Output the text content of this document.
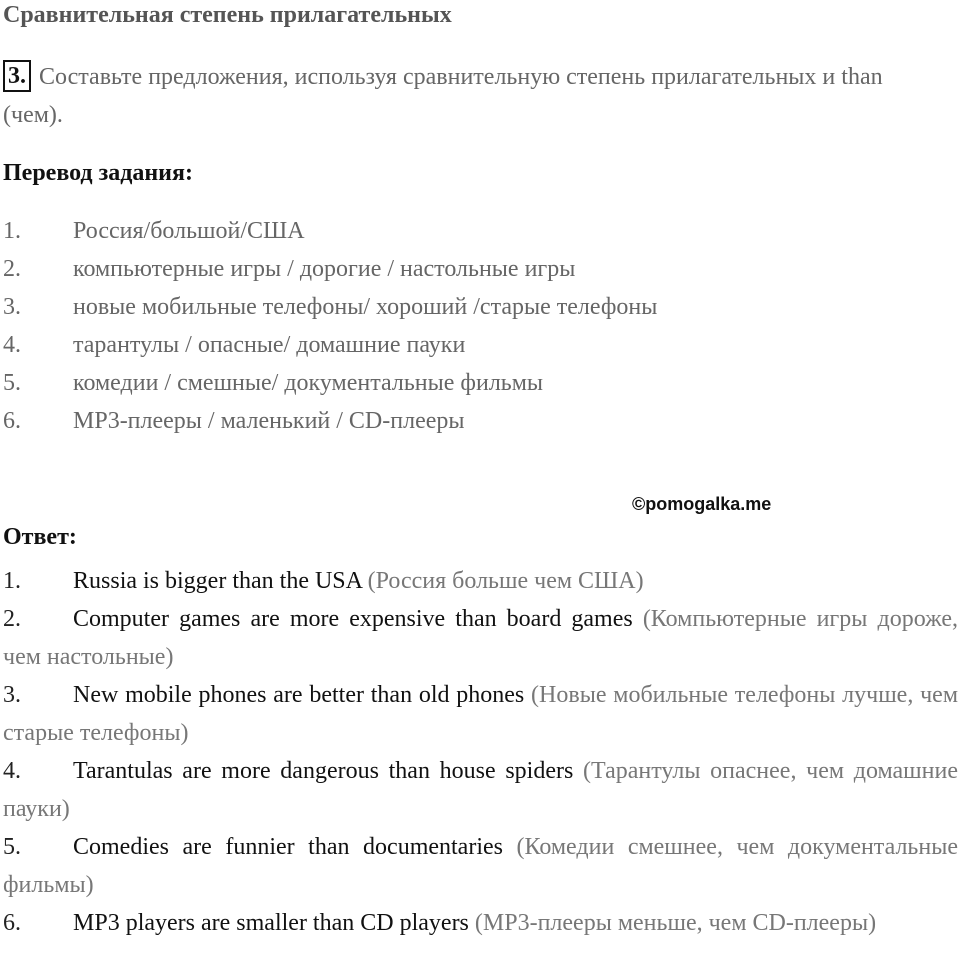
Сравнительная степень прилагательных
3. Составьте предложения, используя сравнительную степень прилагательных и than (чем).
Перевод задания:
1. Россия/большой/США
2. компьютерные игры / дорогие / настольные игры
3. новые мобильные телефоны/ хороший /старые телефоны
4. тарантулы / опасные/ домашние пауки
5. комедии / смешные/ документальные фильмы
6. MP3-плееры / маленький / CD-плееры
©pomogalka.me
Ответ:
1. Russia is bigger than the USA (Россия больше чем США)
2. Computer games are more expensive than board games (Компьютерные игры дороже, чем настольные)
3. New mobile phones are better than old phones (Новые мобильные телефоны лучше, чем старые телефоны)
4. Tarantulas are more dangerous than house spiders (Тарантулы опаснее, чем домашние пауки)
5. Comedies are funnier than documentaries (Комедии смешнее, чем документальные фильмы)
6. MP3 players are smaller than CD players (MP3-плееры меньше, чем CD-плееры)
